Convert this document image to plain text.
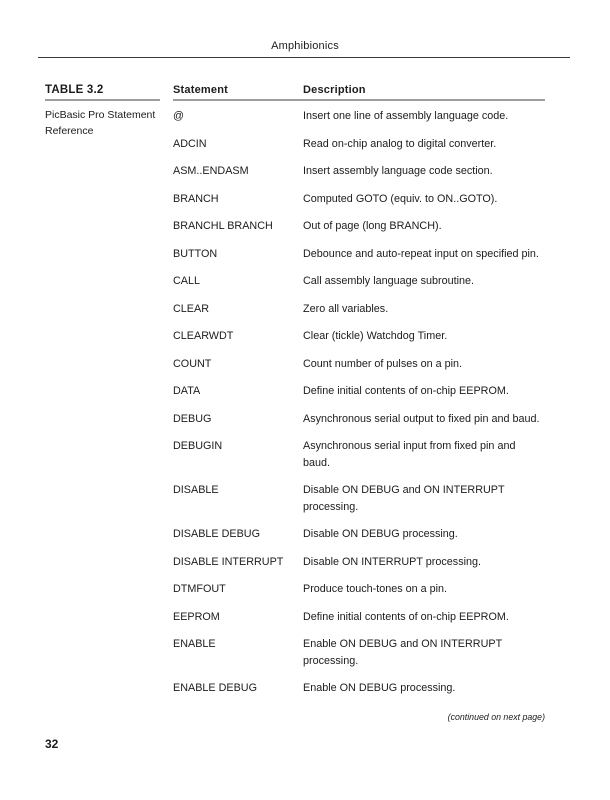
Amphibionics
TABLE 3.2
PicBasic Pro Statement Reference
Statement	Description
@	Insert one line of assembly language code.
ADCIN	Read on-chip analog to digital converter.
ASM..ENDASM	Insert assembly language code section.
BRANCH	Computed GOTO (equiv. to ON..GOTO).
BRANCHL BRANCH	Out of page (long BRANCH).
BUTTON	Debounce and auto-repeat input on specified pin.
CALL	Call assembly language subroutine.
CLEAR	Zero all variables.
CLEARWDT	Clear (tickle) Watchdog Timer.
COUNT	Count number of pulses on a pin.
DATA	Define initial contents of on-chip EEPROM.
DEBUG	Asynchronous serial output to fixed pin and baud.
DEBUGIN	Asynchronous serial input from fixed pin and baud.
DISABLE	Disable ON DEBUG and ON INTERRUPT processing.
DISABLE DEBUG	Disable ON DEBUG processing.
DISABLE INTERRUPT	Disable ON INTERRUPT processing.
DTMFOUT	Produce touch-tones on a pin.
EEPROM	Define initial contents of on-chip EEPROM.
ENABLE	Enable ON DEBUG and ON INTERRUPT processing.
ENABLE DEBUG	Enable ON DEBUG processing.
(continued on next page)
32
